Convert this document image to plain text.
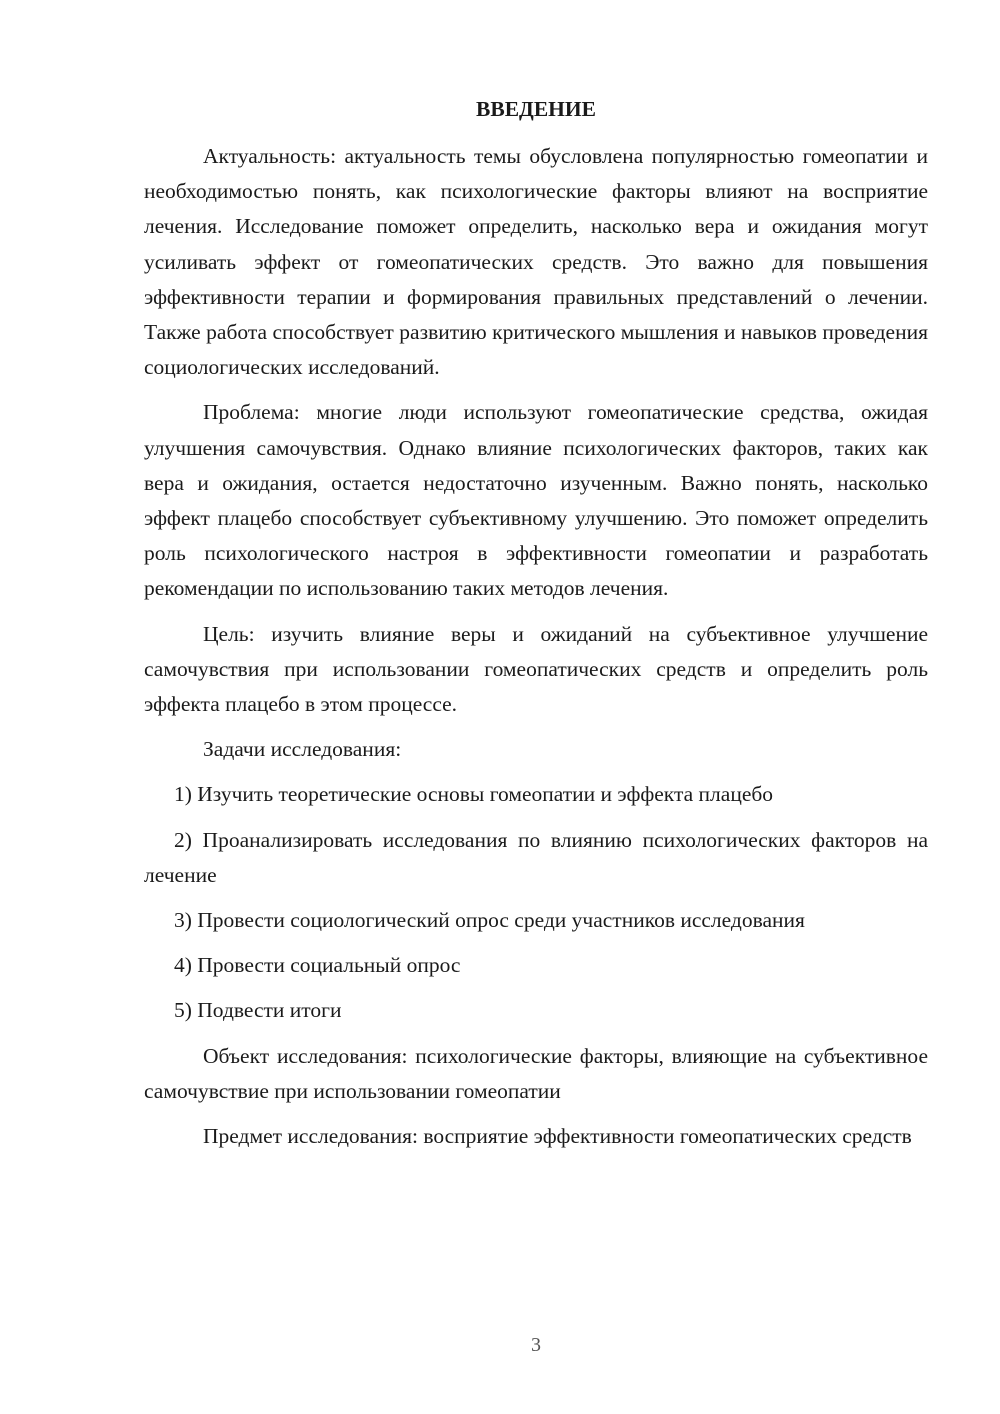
ВВЕДЕНИЕ

Актуальность: актуальность темы обусловлена популярностью гомеопатии и необходимостью понять, как психологические факторы влияют на восприятие лечения. Исследование поможет определить, насколько вера и ожидания могут усиливать эффект от гомеопатических средств. Это важно для повышения эффективности терапии и формирования правильных представлений о лечении. Также работа способствует развитию критического мышления и навыков проведения социологических исследований.

Проблема: многие люди используют гомеопатические средства, ожидая улучшения самочувствия. Однако влияние психологических факторов, таких как вера и ожидания, остается недостаточно изученным. Важно понять, насколько эффект плацебо способствует субъективному улучшению. Это поможет определить роль психологического настроя в эффективности гомеопатии и разработать рекомендации по использованию таких методов лечения.

Цель: изучить влияние веры и ожиданий на субъективное улучшение самочувствия при использовании гомеопатических средств и определить роль эффекта плацебо в этом процессе.

Задачи исследования:

1) Изучить теоретические основы гомеопатии и эффекта плацебо

2) Проанализировать исследования по влиянию психологических факторов на лечение

3) Провести социологический опрос среди участников исследования

4) Провести социальный опрос

5) Подвести итоги

Объект исследования: психологические факторы, влияющие на субъективное самочувствие при использовании гомеопатии

Предмет исследования: восприятие эффективности гомеопатических средств

3
